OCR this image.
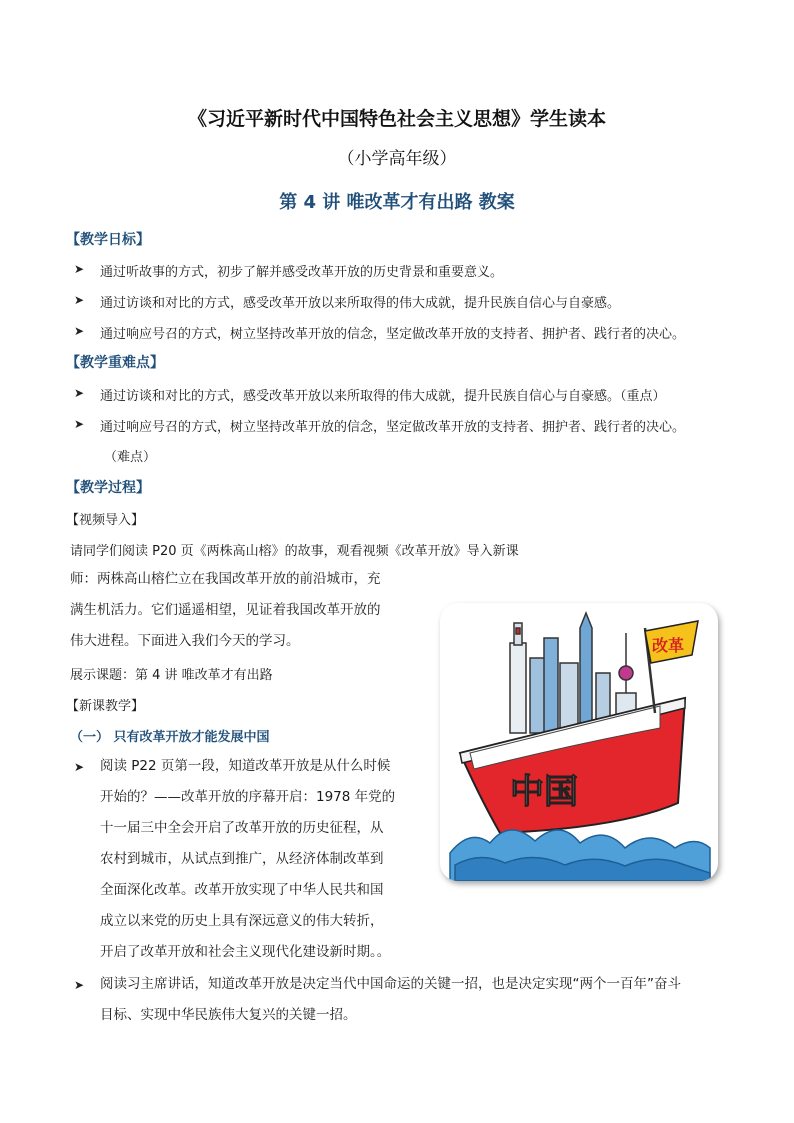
《习近平新时代中国特色社会主义思想》学生读本
（小学高年级）
第 4 讲 唯改革才有出路 教案
【教学日标】
➤ 通过听故事的方式，初步了解并感受改革开放的历史背景和重要意义。
➤ 通过访谈和对比的方式，感受改革开放以来所取得的伟大成就，提升民族自信心与自豪感。
➤ 通过响应号召的方式，树立坚持改革开放的信念，坚定做改革开放的支持者、拥护者、践行者的决心。
【教学重难点】
➤ 通过访谈和对比的方式，感受改革开放以来所取得的伟大成就，提升民族自信心与自豪感。（重点）
➤ 通过响应号召的方式，树立坚持改革开放的信念，坚定做改革开放的支持者、拥护者、践行者的决心。
（难点）
【教学过程】
【视频导入】
请同学们阅读 P20 页《两株高山榕》的故事，观看视频《改革开放》导入新课
师：两株高山榕伫立在我国改革开放的前沿城市，充
满生机活力。它们遥遥相望，见证着我国改革开放的
伟大进程。下面进入我们今天的学习。
展示课题：第 4 讲 唯改革才有出路
【新课教学】
（一） 只有改革开放才能发展中国
➤ 阅读 P22 页第一段，知道改革开放是从什么时候
开始的？——改革开放的序幕开启：1978 年党的
十一届三中全会开启了改革开放的历史征程，从
农村到城市，从试点到推广，从经济体制改革到
全面深化改革。改革开放实现了中华人民共和国
成立以来党的历史上具有深远意义的伟大转折，
开启了改革开放和社会主义现代化建设新时期。。
➤ 阅读习主席讲话，知道改革开放是决定当代中国命运的关键一招，也是决定实现“两个一百年”奋斗
目标、实现中华民族伟大复兴的关键一招。
中国
改革
